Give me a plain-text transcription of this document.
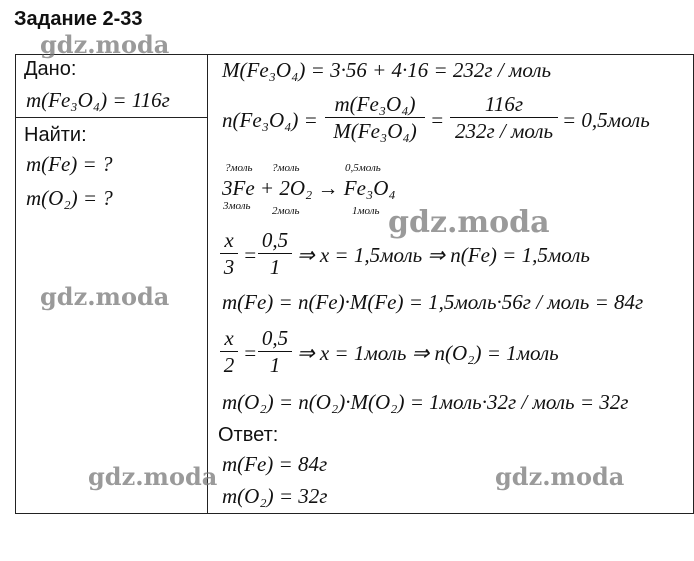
Задание 2-33
Дано:
m(Fe₃O₄) = 116г
Найти:
m(Fe) = ?
m(O₂) = ?
M(Fe₃O₄) = 3·56 + 4·16 = 232г / моль
n(Fe₃O₄) =
m(Fe₃O₄)
M(Fe₃O₄) =
116г
232г / моль = 0,5моль
?моль ?моль	0,5моль
3Fe + 2O₂ → Fe₃O₄
3моль 2моль	1моль
x
3 =
0,5
1 ⇒ x = 1,5моль ⇒ n(Fe) = 1,5моль
m(Fe) = n(Fe)·M(Fe) = 1,5моль·56г / моль = 84г
x
2 =
0,5
1 ⇒ x = 1моль ⇒ n(O₂) = 1моль
m(O₂) = n(O₂)·M(O₂) = 1моль·32г / моль = 32г
Ответ:
m(Fe) = 84г
m(O₂) = 32г
gdz.moda
gdz.moda
gdz.moda
gdz.moda	gdz.moda
